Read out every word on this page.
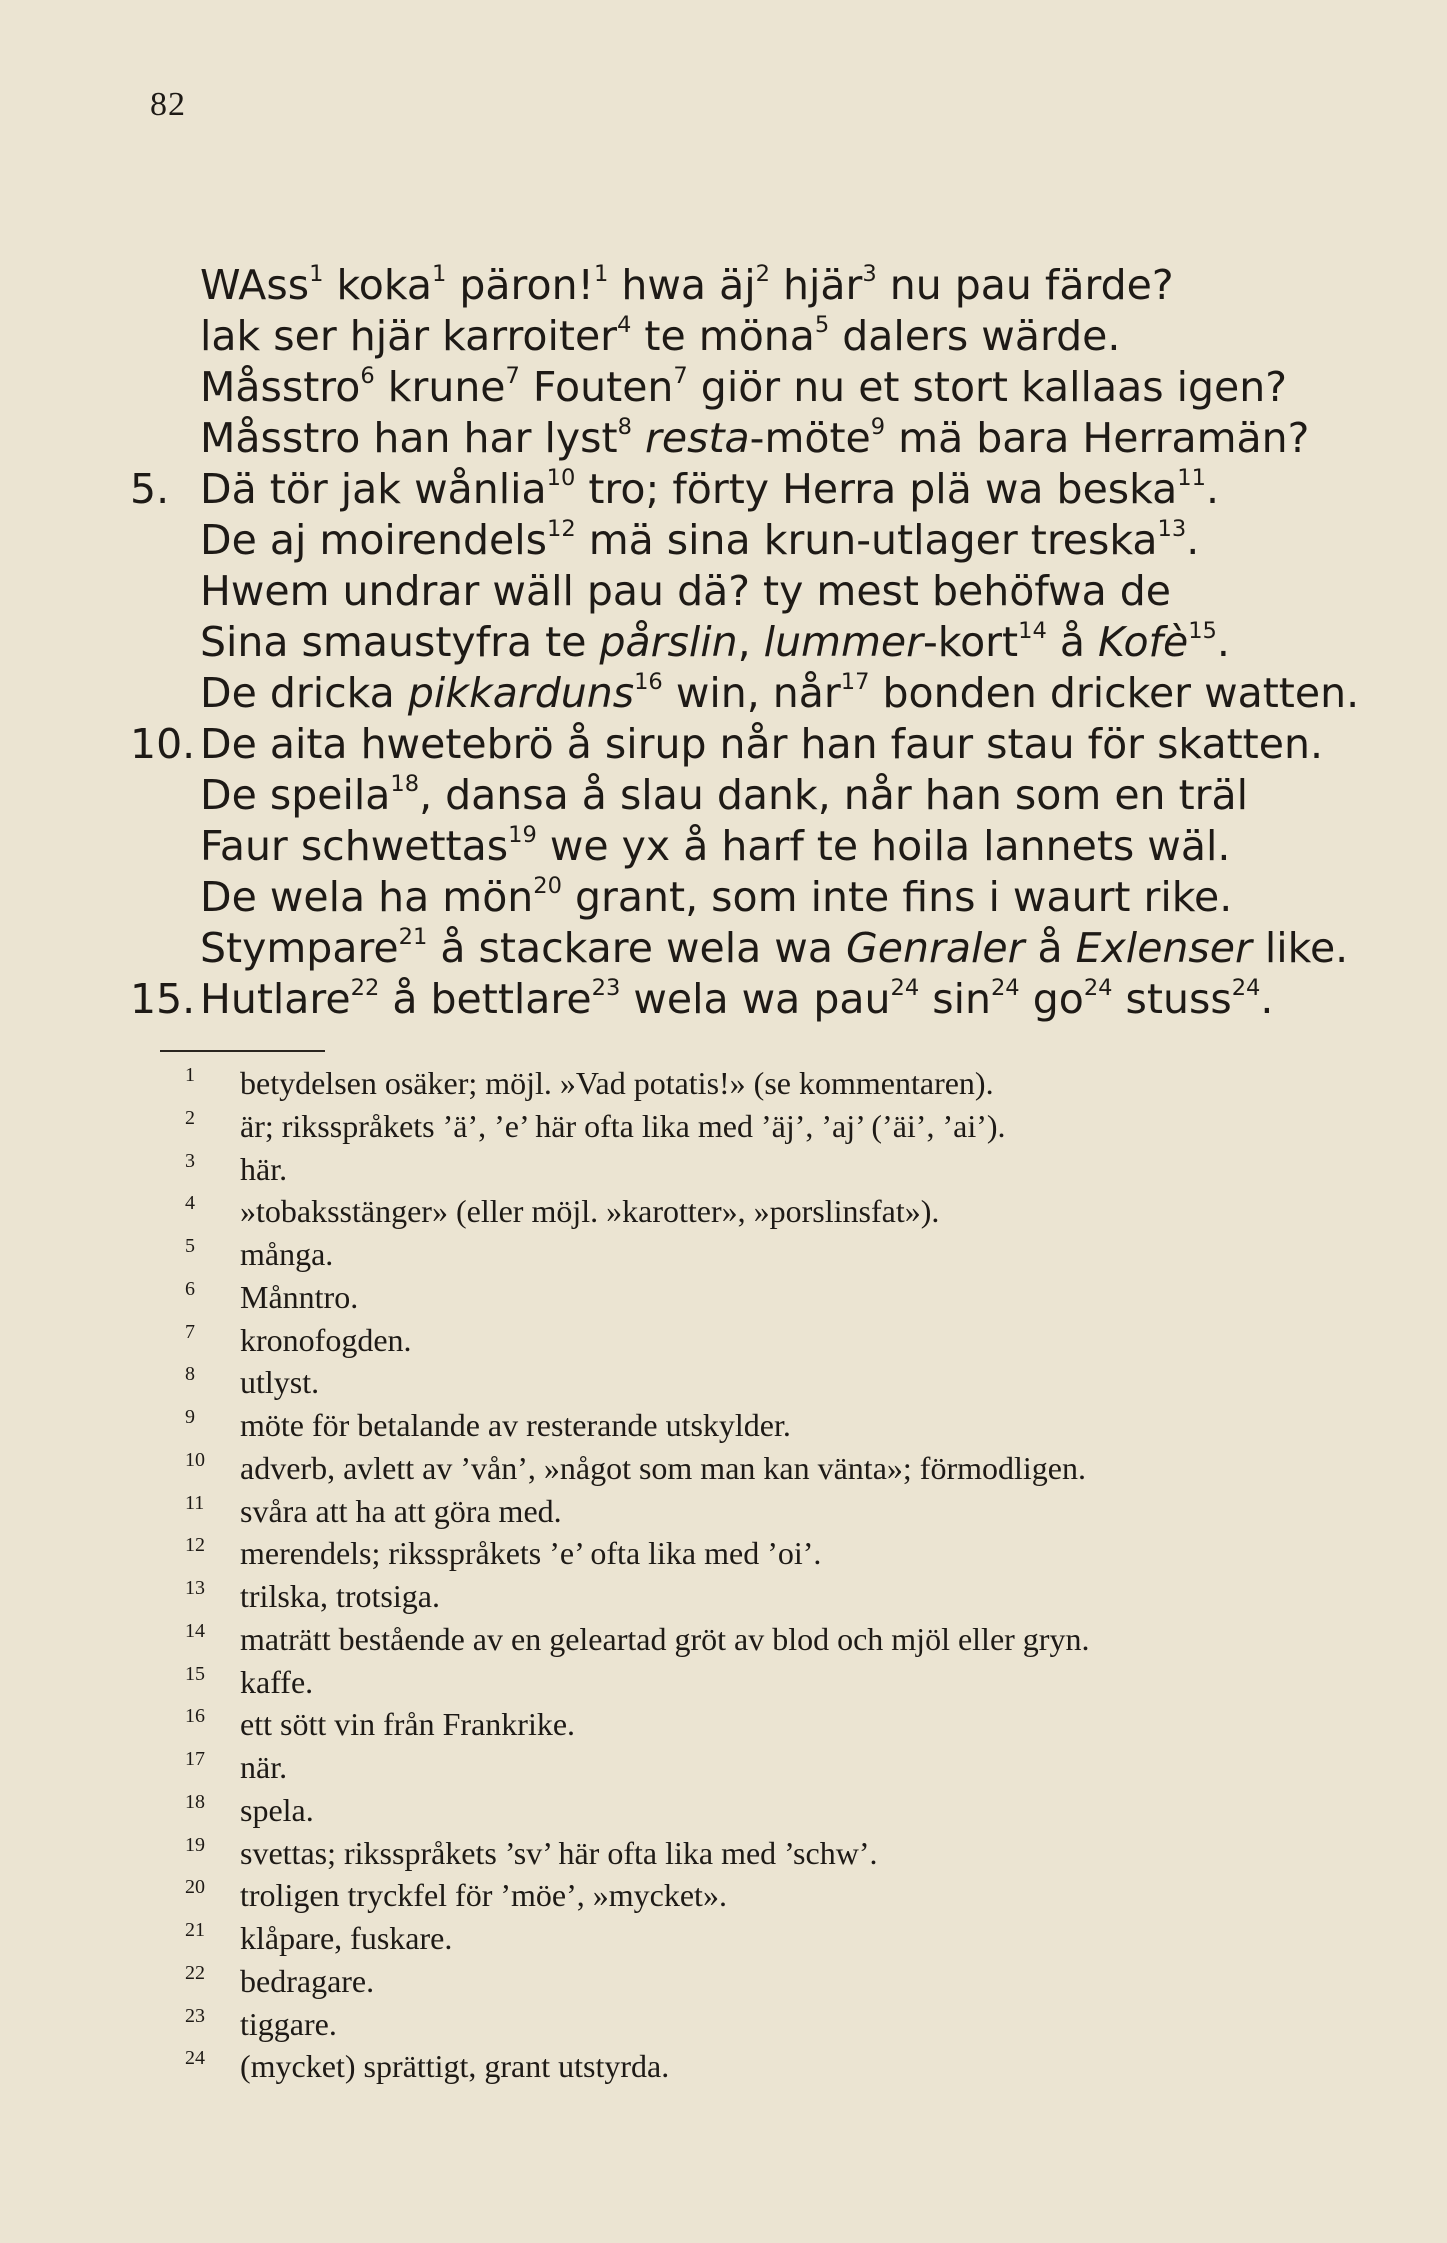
82
WAss$^1$ koka$^1$ päron!$^1$ hwa $äj^2$ hjär$^3$ nu pau färde?
lak ser hjär karroiter$^4$ te möna$^5$ dalers wärde.
Måsstro$^6$ krune$^7$ Fouten$^7$ giör nu et stort kallaas igen?
Måsstro han har lyst$^8$ resta-möte$^9$ mä bara Herramän?
5. Dä tör jak wånlia$^{10}$ tro; förty Herra plä wa beska$^{11}$.
De aj moirendels$^{12}$ mä sina krun-utlager treska$^{13}$.
Hwem undrar wäll pau dä? ty mest behöfwa de
Sina smaustyfra te pårslin, lummer-kort$^{14}$ å Kofè$^{15}$.
De dricka pikkarduns$^{16}$ win, når$^{17}$ bonden dricker watten.
10. De aita hwetebrö å sirup når han faur stau för skatten.
De speila$^{18}$, dansa å slau dank, når han som en träl
Faur schwettas$^{19}$ we yx å harf te hoila lannets wäl.
De wela ha mön$^{20}$ grant, som inte fins i waurt rike.
Stympare$^{21}$ å stackare wela wa Genraler å Exlenser like.
15. Hutlare$^{22}$ å bettlare$^{23}$ wela wa pau$^{24}$ $\sin^{24} go^{24}$ stuss$^{24}$.
1 betydelsen osäker; möjl. »Vad potatis!» (se kommentaren).
2 är; riksspråkets ’ä’, ’e’ här ofta lika med ’äj’, ’aj’ (’äi’, ’ai’).
3 här.
4 »tobaksstänger» (eller möjl. »karotter», »porslinsfat»).
5 många.
6 Månntro.
7 kronofogden.
8 utlyst.
9 möte för betalande av resterande utskylder.
10 adverb, avlett av ’vån’, »något som man kan vänta»; förmodligen.
11 svåra att ha att göra med.
12 merendels; riksspråkets ’e’ ofta lika med ’oi’.
13 trilska, trotsiga.
14 maträtt bestående av en geleartad gröt av blod och mjöl eller gryn.
15 kaffe.
16 ett sött vin från Frankrike.
17 när.
18 spela.
19 svettas; riksspråkets ’sv’ här ofta lika med ’schw’.
20 troligen tryckfel för ’möe’, »mycket».
21 klåpare, fuskare.
22 bedragare.
23 tiggare.
24 (mycket) sprättigt, grant utstyrda.
